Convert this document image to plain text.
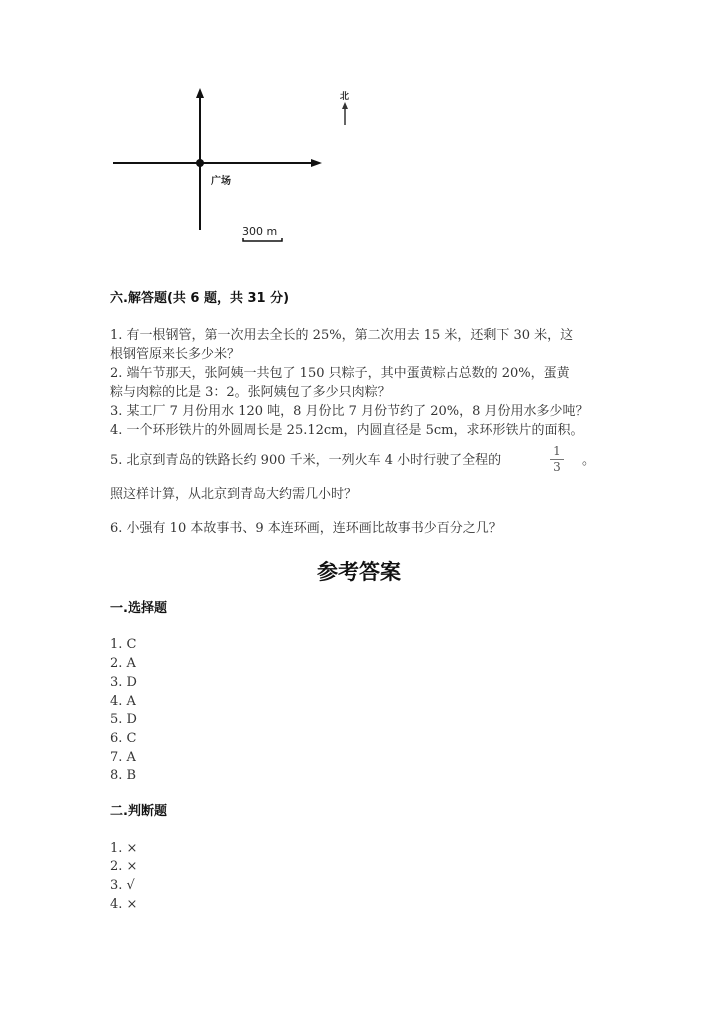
广场
北
300 m
六.解答题(共 6 题，共 31 分)
1. 有一根钢管，第一次用去全长的 25%，第二次用去 15 米，还剩下 30 米，这
根钢管原来长多少米？
2. 端午节那天，张阿姨一共包了 150 只粽子，其中蛋黄粽占总数的 20%，蛋黄
粽与肉粽的比是 3：2。张阿姨包了多少只肉粽？
3. 某工厂 7 月份用水 120 吨，8 月份比 7 月份节约了 20%，8 月份用水多少吨？
4. 一个环形铁片的外圆周长是 25.12cm，内圆直径是 5cm，求环形铁片的面积。
5. 北京到青岛的铁路长约 900 千米，一列火车 4 小时行驶了全程的
1
3 。
照这样计算，从北京到青岛大约需几小时？
6. 小强有 10 本故事书、9 本连环画，连环画比故事书少百分之几？
参考答案
一.选择题
1. C
2. A
3. D
4. A
5. D
6. C
7. A
8. B
二.判断题
1. ×
2. ×
3. √
4. ×
